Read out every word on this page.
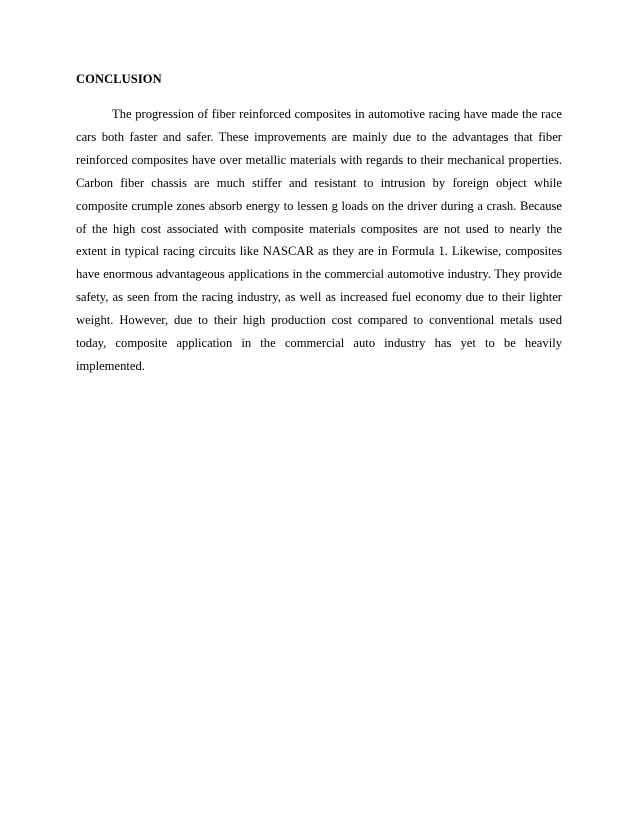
CONCLUSION

The progression of fiber reinforced composites in automotive racing have made the race cars both faster and safer. These improvements are mainly due to the advantages that fiber reinforced composites have over metallic materials with regards to their mechanical properties. Carbon fiber chassis are much stiffer and resistant to intrusion by foreign object while composite crumple zones absorb energy to lessen g loads on the driver during a crash. Because of the high cost associated with composite materials composites are not used to nearly the extent in typical racing circuits like NASCAR as they are in Formula 1. Likewise, composites have enormous advantageous applications in the commercial automotive industry. They provide safety, as seen from the racing industry, as well as increased fuel economy due to their lighter weight. However, due to their high production cost compared to conventional metals used today, composite application in the commercial auto industry has yet to be heavily implemented.
